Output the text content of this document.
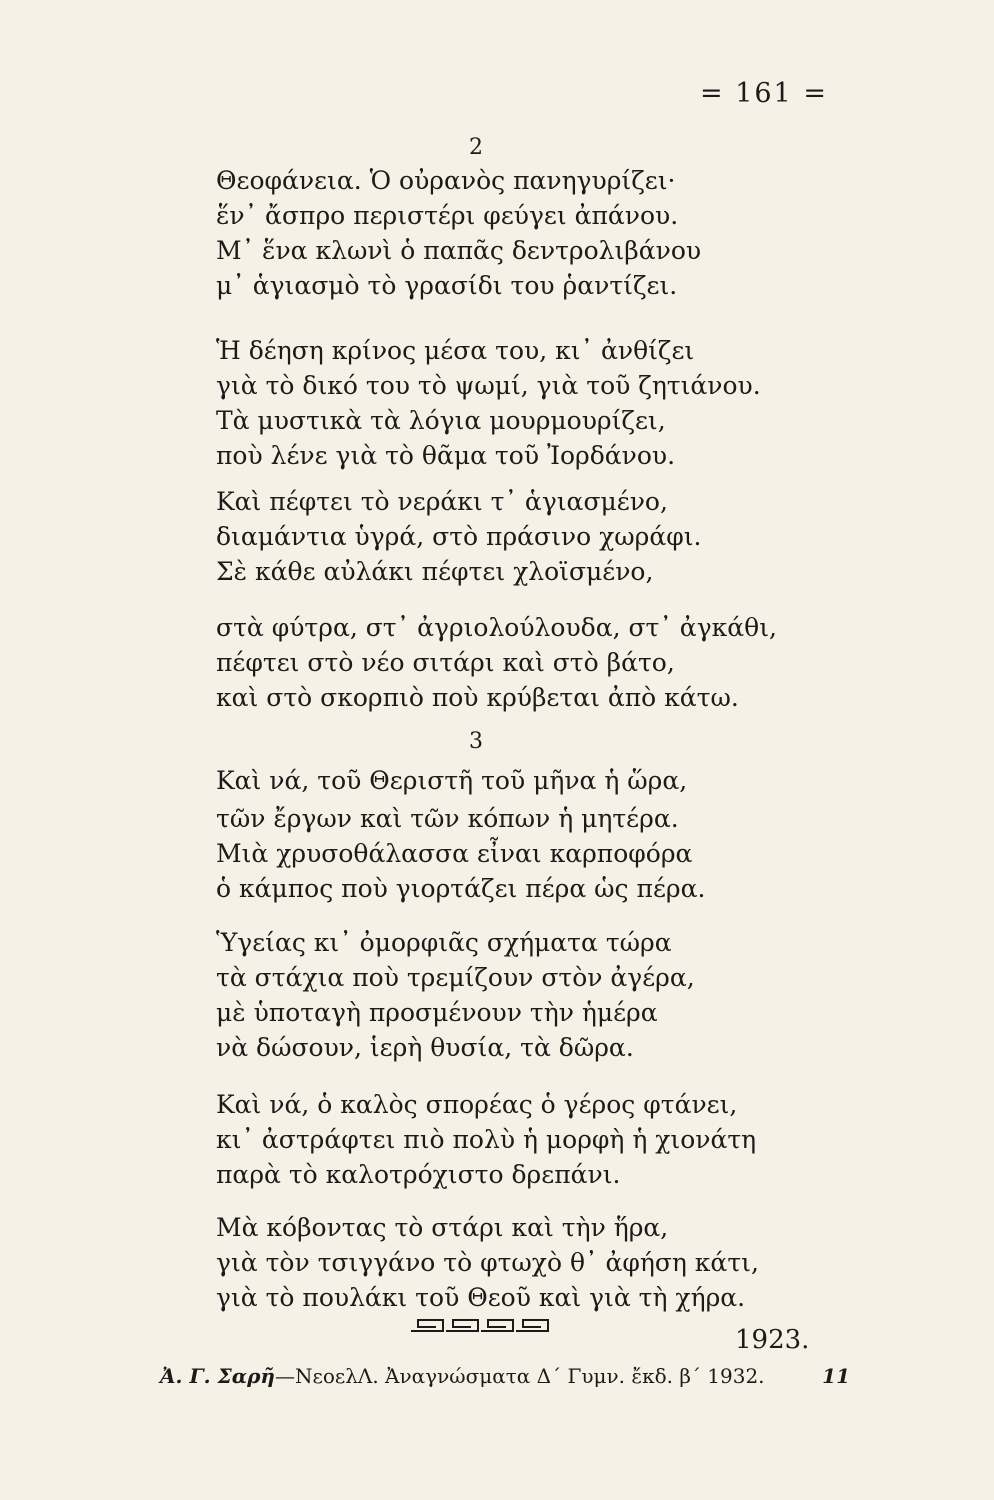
= 161 =
2
Θεοφάνεια. Ὁ οὐρανὸς πανηγυρίζει·
ἕν᾽ ἄσπρο περιστέρι φεύγει ἀπάνου.
Μ᾽ ἕνα κλωνὶ ὁ παπᾶς δεντρολιβάνου
μ᾽ ἁγιασμὸ τὸ γρασίδι του ῥαντίζει.
Ἡ δέηση κρίνος μέσα του, κι᾽ ἀνθίζει
γιὰ τὸ δικό του τὸ ψωμί, γιὰ τοῦ ζητιάνου.
Τὰ μυστικὰ τὰ λόγια μουρμουρίζει,
ποὺ λένε γιὰ τὸ θᾶμα τοῦ Ἰορδάνου.
Καὶ πέφτει τὸ νεράκι τ᾽ ἁγιασμένο,
διαμάντια ὑγρά, στὸ πράσινο χωράφι.
Σὲ κάθε αὐλάκι πέφτει χλοϊσμένο,
στὰ φύτρα, στ᾽ ἀγριολούλουδα, στ᾽ ἀγκάθι,
πέφτει στὸ νέο σιτάρι καὶ στὸ βάτο,
καὶ στὸ σκορπιὸ ποὺ κρύβεται ἀπὸ κάτω.
3
Καὶ νά, τοῦ Θεριστῆ τοῦ μῆνα ἡ ὥρα,
τῶν ἔργων καὶ τῶν κόπων ἡ μητέρα.
Μιὰ χρυσοθάλασσα εἶναι καρποφόρα
ὁ κάμπος ποὺ γιορτάζει πέρα ὡς πέρα.
Ὑγείας κι᾽ ὀμορφιᾶς σχήματα τώρα
τὰ στάχια ποὺ τρεμίζουν στὸν ἀγέρα,
μὲ ὑποταγὴ προσμένουν τὴν ἡμέρα
νὰ δώσουν, ἱερὴ θυσία, τὰ δῶρα.
Καὶ νά, ὁ καλὸς σπορέας ὁ γέρος φτάνει,
κι᾽ ἀστράφτει πιὸ πολὺ ἡ μορφὴ ἡ χιονάτη
παρὰ τὸ καλοτρόχιστο δρεπάνι.
Μὰ κόβοντας τὸ στάρι καὶ τὴν ἥρα,
γιὰ τὸν τσιγγάνο τὸ φτωχὸ θ᾽ ἀφήση κάτι,
γιὰ τὸ πουλάκι τοῦ Θεοῦ καὶ γιὰ τὴ χήρα.
1923.
Ἀ. Γ. Σαρῆ—ΝεοελΛ. Ἀναγνώσματα Δ΄ Γυμν. ἔκδ. β΄ 1932.	11
